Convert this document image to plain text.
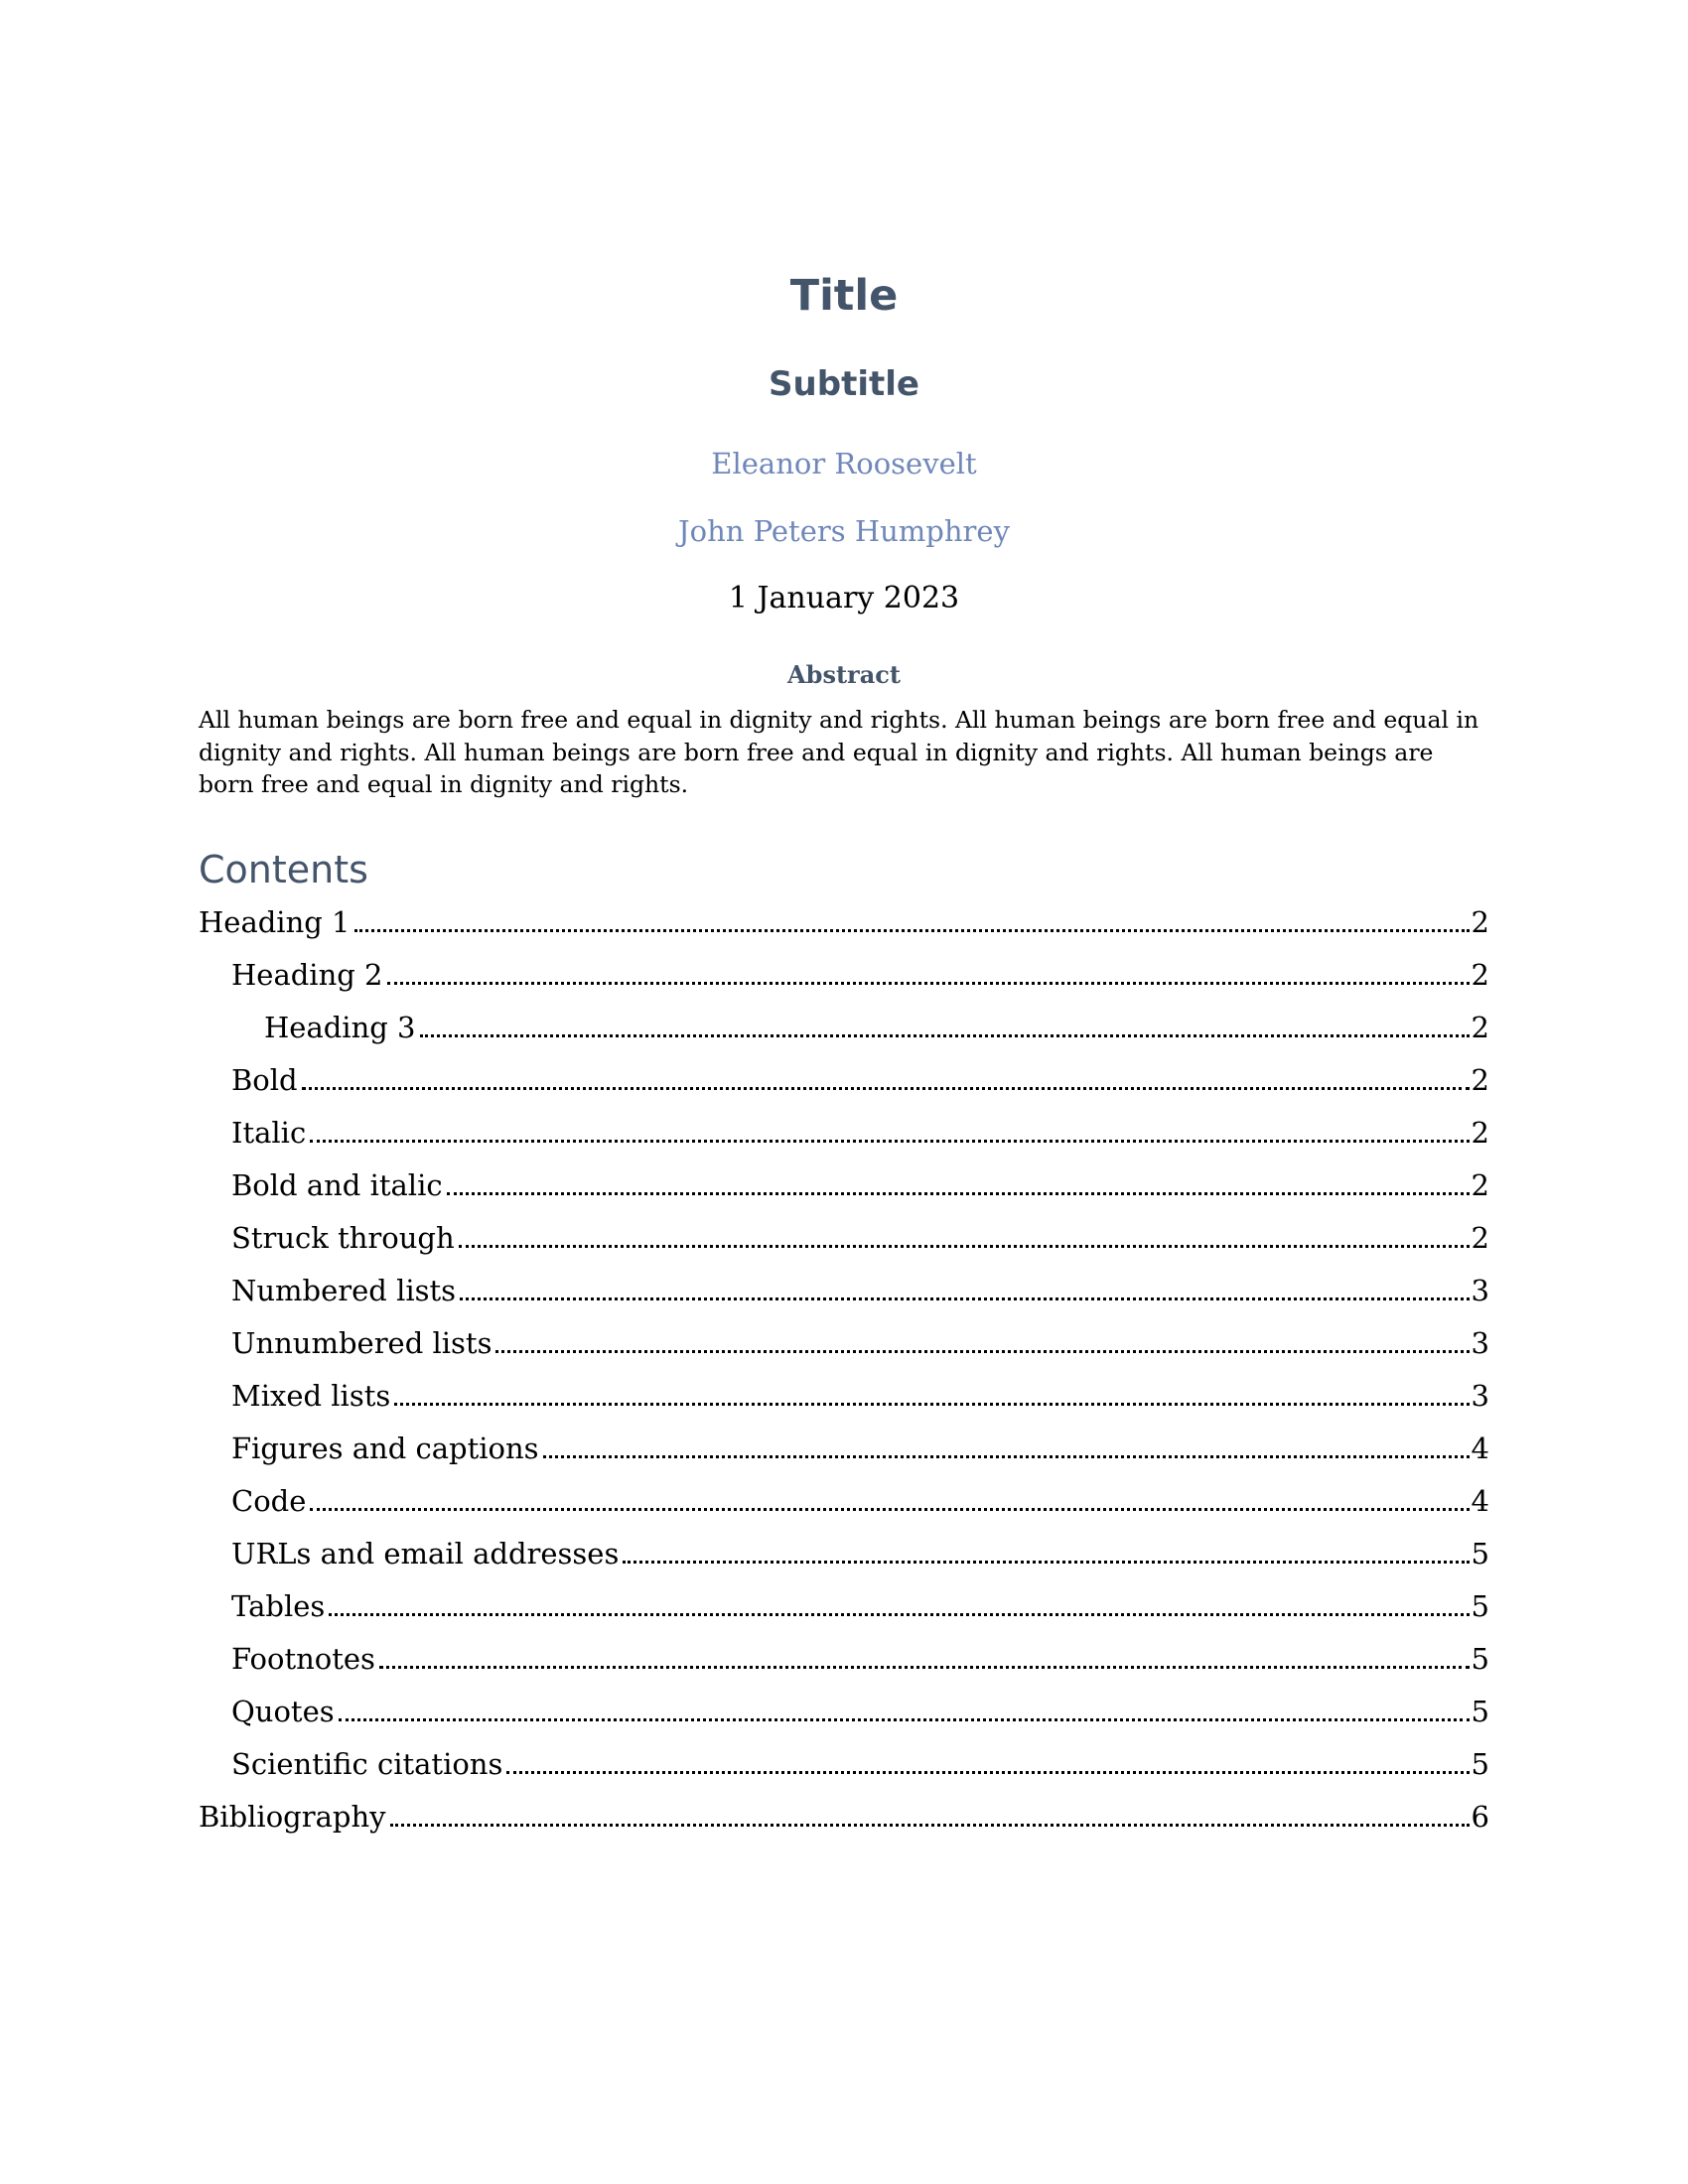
Title
Subtitle
Eleanor Roosevelt
John Peters Humphrey
1 January 2023
Abstract
All human beings are born free and equal in dignity and rights. All human beings are born free and equal in dignity and rights. All human beings are born free and equal in dignity and rights. All human beings are born free and equal in dignity and rights.
Contents
Heading 1	2
Heading 2	2
Heading 3	2
Bold	2
Italic	2
Bold and italic	2
Struck through	2
Numbered lists	3
Unnumbered lists	3
Mixed lists	3
Figures and captions	4
Code	4
URLs and email addresses	5
Tables	5
Footnotes	5
Quotes	5
Scientific citations	5
Bibliography	6
